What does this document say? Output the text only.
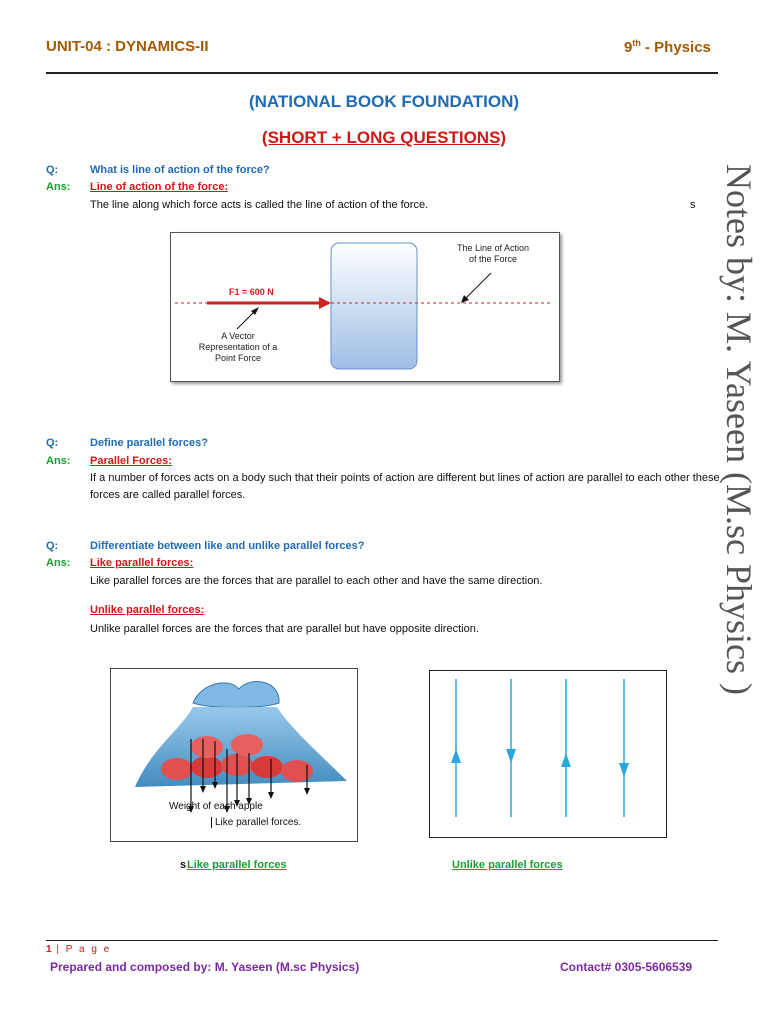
UNIT-04 : DYNAMICS-II	9th - Physics
(NATIONAL BOOK FOUNDATION)
(SHORT + LONG QUESTIONS)
Notes by: M. Yaseen (M.sc Physics )
Q:	What is line of action of the force?
Ans: Line of action of the force:
The line along which force acts is called the line of action of the force.	s
F1 = 600 N
The Line of Action
of the Force
A Vector
Representation of a
Point Force
Q:	Define parallel forces?
Ans: Parallel Forces:
If a number of forces acts on a body such that their points of action are different but lines of action are parallel to each other these forces are called parallel forces.
Q:	Differentiate between like and unlike parallel forces?
Ans: Like parallel forces:
Like parallel forces are the forces that are parallel to each other and have the same direction.
Unlike parallel forces:
Unlike parallel forces are the forces that are parallel but have opposite direction.
Weight of each apple
Like parallel forces.
s Like parallel forces	Unlike parallel forces
1 | P a g e
Prepared and composed by: M. Yaseen (M.sc Physics)	Contact# 0305-5606539
